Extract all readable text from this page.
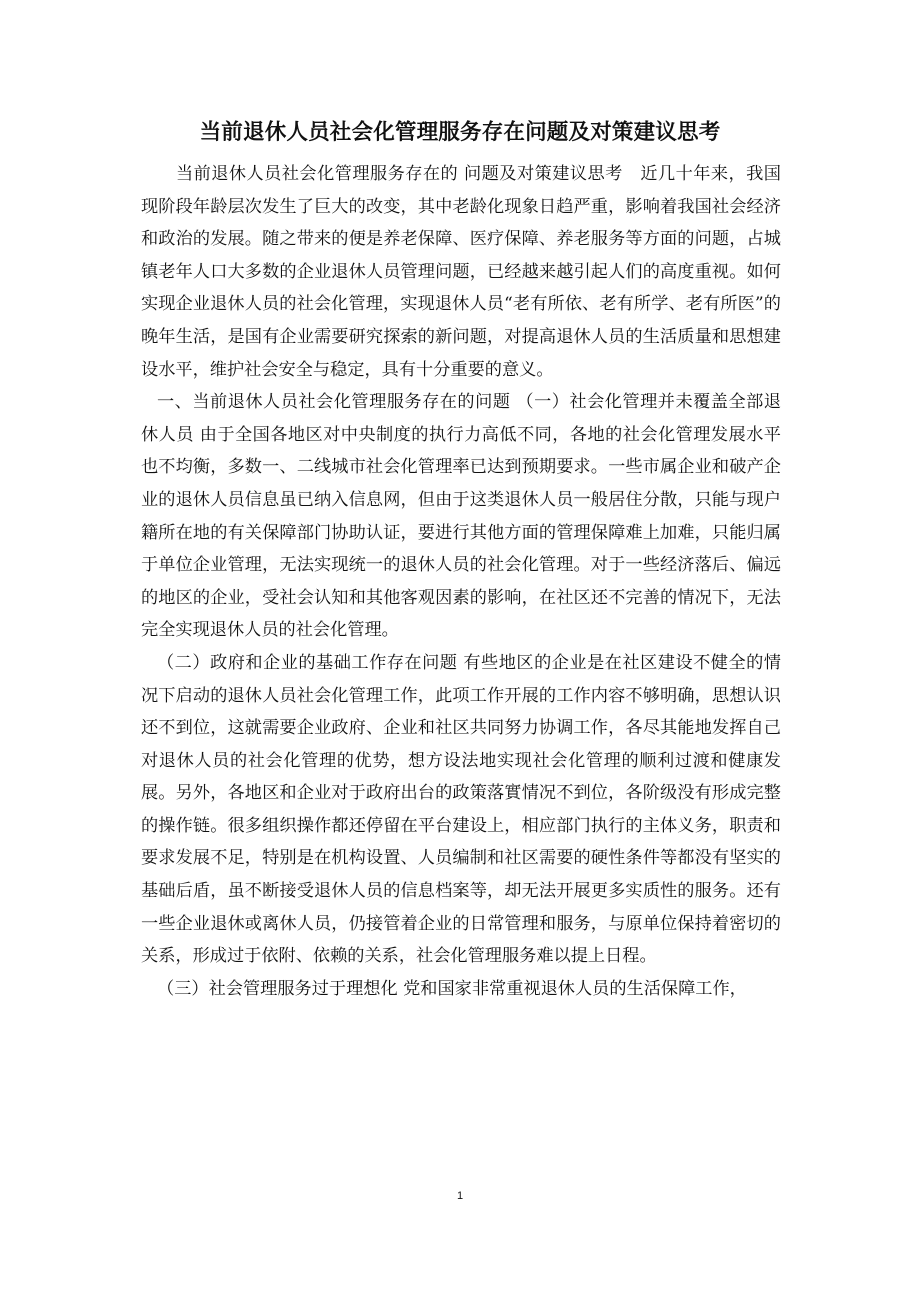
当前退休人员社会化管理服务存在问题及对策建议思考

当前退休人员社会化管理服务存在的 问题及对策建议思考　近几十年来，我国现阶段年龄层次发生了巨大的改变，其中老龄化现象日趋严重，影响着我国社会经济和政治的发展。随之带来的便是养老保障、医疗保障、养老服务等方面的问题，占城镇老年人口大多数的企业退休人员管理问题，已经越来越引起人们的高度重视。如何实现企业退休人员的社会化管理，实现退休人员“老有所依、老有所学、老有所医”的晚年生活，是国有企业需要研究探索的新问题，对提高退休人员的生活质量和思想建设水平，维护社会安全与稳定，具有十分重要的意义。

一、当前退休人员社会化管理服务存在的问题 （一）社会化管理并未覆盖全部退休人员 由于全国各地区对中央制度的执行力高低不同，各地的社会化管理发展水平也不均衡，多数一、二线城市社会化管理率已达到预期要求。一些市属企业和破产企业的退休人员信息虽已纳入信息网，但由于这类退休人员一般居住分散，只能与现户籍所在地的有关保障部门协助认证，要进行其他方面的管理保障难上加难，只能归属于单位企业管理，无法实现统一的退休人员的社会化管理。对于一些经济落后、偏远的地区的企业，受社会认知和其他客观因素的影响，在社区还不完善的情况下，无法完全实现退休人员的社会化管理。

（二）政府和企业的基础工作存在问题 有些地区的企业是在社区建设不健全的情况下启动的退休人员社会化管理工作，此项工作开展的工作内容不够明确，思想认识还不到位，这就需要企业政府、企业和社区共同努力协调工作，各尽其能地发挥自己对退休人员的社会化管理的优势，想方设法地实现社会化管理的顺利过渡和健康发展。另外，各地区和企业对于政府出台的政策落實情况不到位，各阶级没有形成完整的操作链。很多组织操作都还停留在平台建设上，相应部门执行的主体义务，职责和要求发展不足，特别是在机构设置、人员编制和社区需要的硬性条件等都没有坚实的基础后盾，虽不断接受退休人员的信息档案等，却无法开展更多实质性的服务。还有一些企业退休或离休人员，仍接管着企业的日常管理和服务，与原单位保持着密切的关系，形成过于依附、依赖的关系，社会化管理服务难以提上日程。

（三）社会管理服务过于理想化 党和国家非常重视退休人员的生活保障工作，

1
